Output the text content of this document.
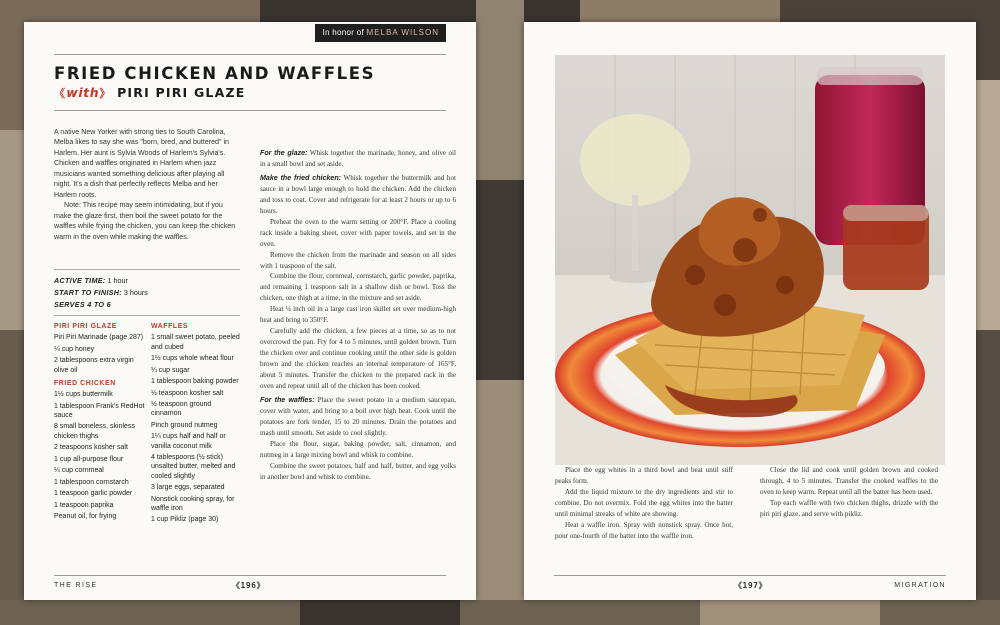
In honor of MELBA WILSON
FRIED CHICKEN AND WAFFLES
《with》 PIRI PIRI GLAZE

A native New Yorker with strong ties to South Carolina, Melba likes to say she was "born, bred, and buttered" in Harlem. Her aunt is Sylvia Woods of Harlem's Sylvia's. Chicken and waffles originated in Harlem when jazz musicians wanted something delicious after playing all night. It's a dish that perfectly reflects Melba and her Harlem roots.

Note: This recipe may seem intimidating, but if you make the glaze first, then boil the sweet potato for the waffles while frying the chicken, you can keep the chicken warm in the oven while making the waffles.

ACTIVE TIME: 1 hour
START TO FINISH: 3 hours
SERVES 4 TO 6
PIRI PIRI GLAZE
Piri Piri Marinade (page 287)
¼ cup honey
2 tablespoons extra virgin olive oil
FRIED CHICKEN
1½ cups buttermilk
1 tablespoon Frank's RedHot sauce
8 small boneless, skinless chicken thighs
2 teaspoons kosher salt
1 cup all-purpose flour
¼ cup cornmeal
1 tablespoon cornstarch
1 teaspoon garlic powder
1 teaspoon paprika
Peanut oil, for frying
WAFFLES
1 small sweet potato, peeled and cubed
1½ cups whole wheat flour
¼ cup sugar
1 tablespoon baking powder
½ teaspoon kosher salt
½ teaspoon ground cinnamon
Pinch ground nutmeg
1¼ cups half and half or vanilla coconut milk
4 tablespoons (½ stick) unsalted butter, melted and cooled slightly
3 large eggs, separated
Nonstick cooking spray, for waffle iron
1 cup Pikliz (page 30)

For the glaze: Whisk together the marinade, honey, and olive oil in a small bowl and set aside.

Make the fried chicken: Whisk together the buttermilk and hot sauce in a bowl large enough to hold the chicken. Add the chicken and toss to coat. Cover and refrigerate for at least 2 hours or up to 6 hours.

Preheat the oven to the warm setting or 200°F. Place a cooling rack inside a baking sheet, cover with paper towels, and set in the oven.

Remove the chicken from the marinade and season on all sides with 1 teaspoon of the salt.

Combine the flour, cornmeal, cornstarch, garlic powder, paprika, and remaining 1 teaspoon salt in a shallow dish or bowl. Toss the chicken, one thigh at a time, in the mixture and set aside.

Heat ¼ inch oil in a large cast iron skillet set over medium-high heat and bring to 350°F.

Carefully add the chicken, a few pieces at a time, so as to not overcrowd the pan. Fry for 4 to 5 minutes, until golden brown. Turn the chicken over and continue cooking until the other side is golden brown and the chicken reaches an internal temperature of 165°F, about 5 minutes. Transfer the chicken to the prepared rack in the oven and repeat until all of the chicken has been cooked.

For the waffles: Place the sweet potato in a medium saucepan, cover with water, and bring to a boil over high heat. Cook until the potatoes are fork tender, 15 to 20 minutes. Drain the potatoes and mash until smooth. Set aside to cool slightly.

Place the flour, sugar, baking powder, salt, cinnamon, and nutmeg in a large mixing bowl and whisk to combine.

Combine the sweet potatoes, half and half, butter, and egg yolks in another bowl and whisk to combine.

THE RISE	《196》

Place the egg whites in a third bowl and beat until stiff peaks form.

Add the liquid mixture to the dry ingredients and stir to combine. Do not overmix. Fold the egg whites into the batter until minimal streaks of white are showing.

Heat a waffle iron. Spray with nonstick spray. Once hot, pour one-fourth of the batter into the waffle iron.

Close the lid and cook until golden brown and cooked through, 4 to 5 minutes. Transfer the cooked waffles to the oven to keep warm. Repeat until all the batter has been used.

Top each waffle with two chicken thighs, drizzle with the piri piri glaze, and serve with pikliz.

《197》	MIGRATION
